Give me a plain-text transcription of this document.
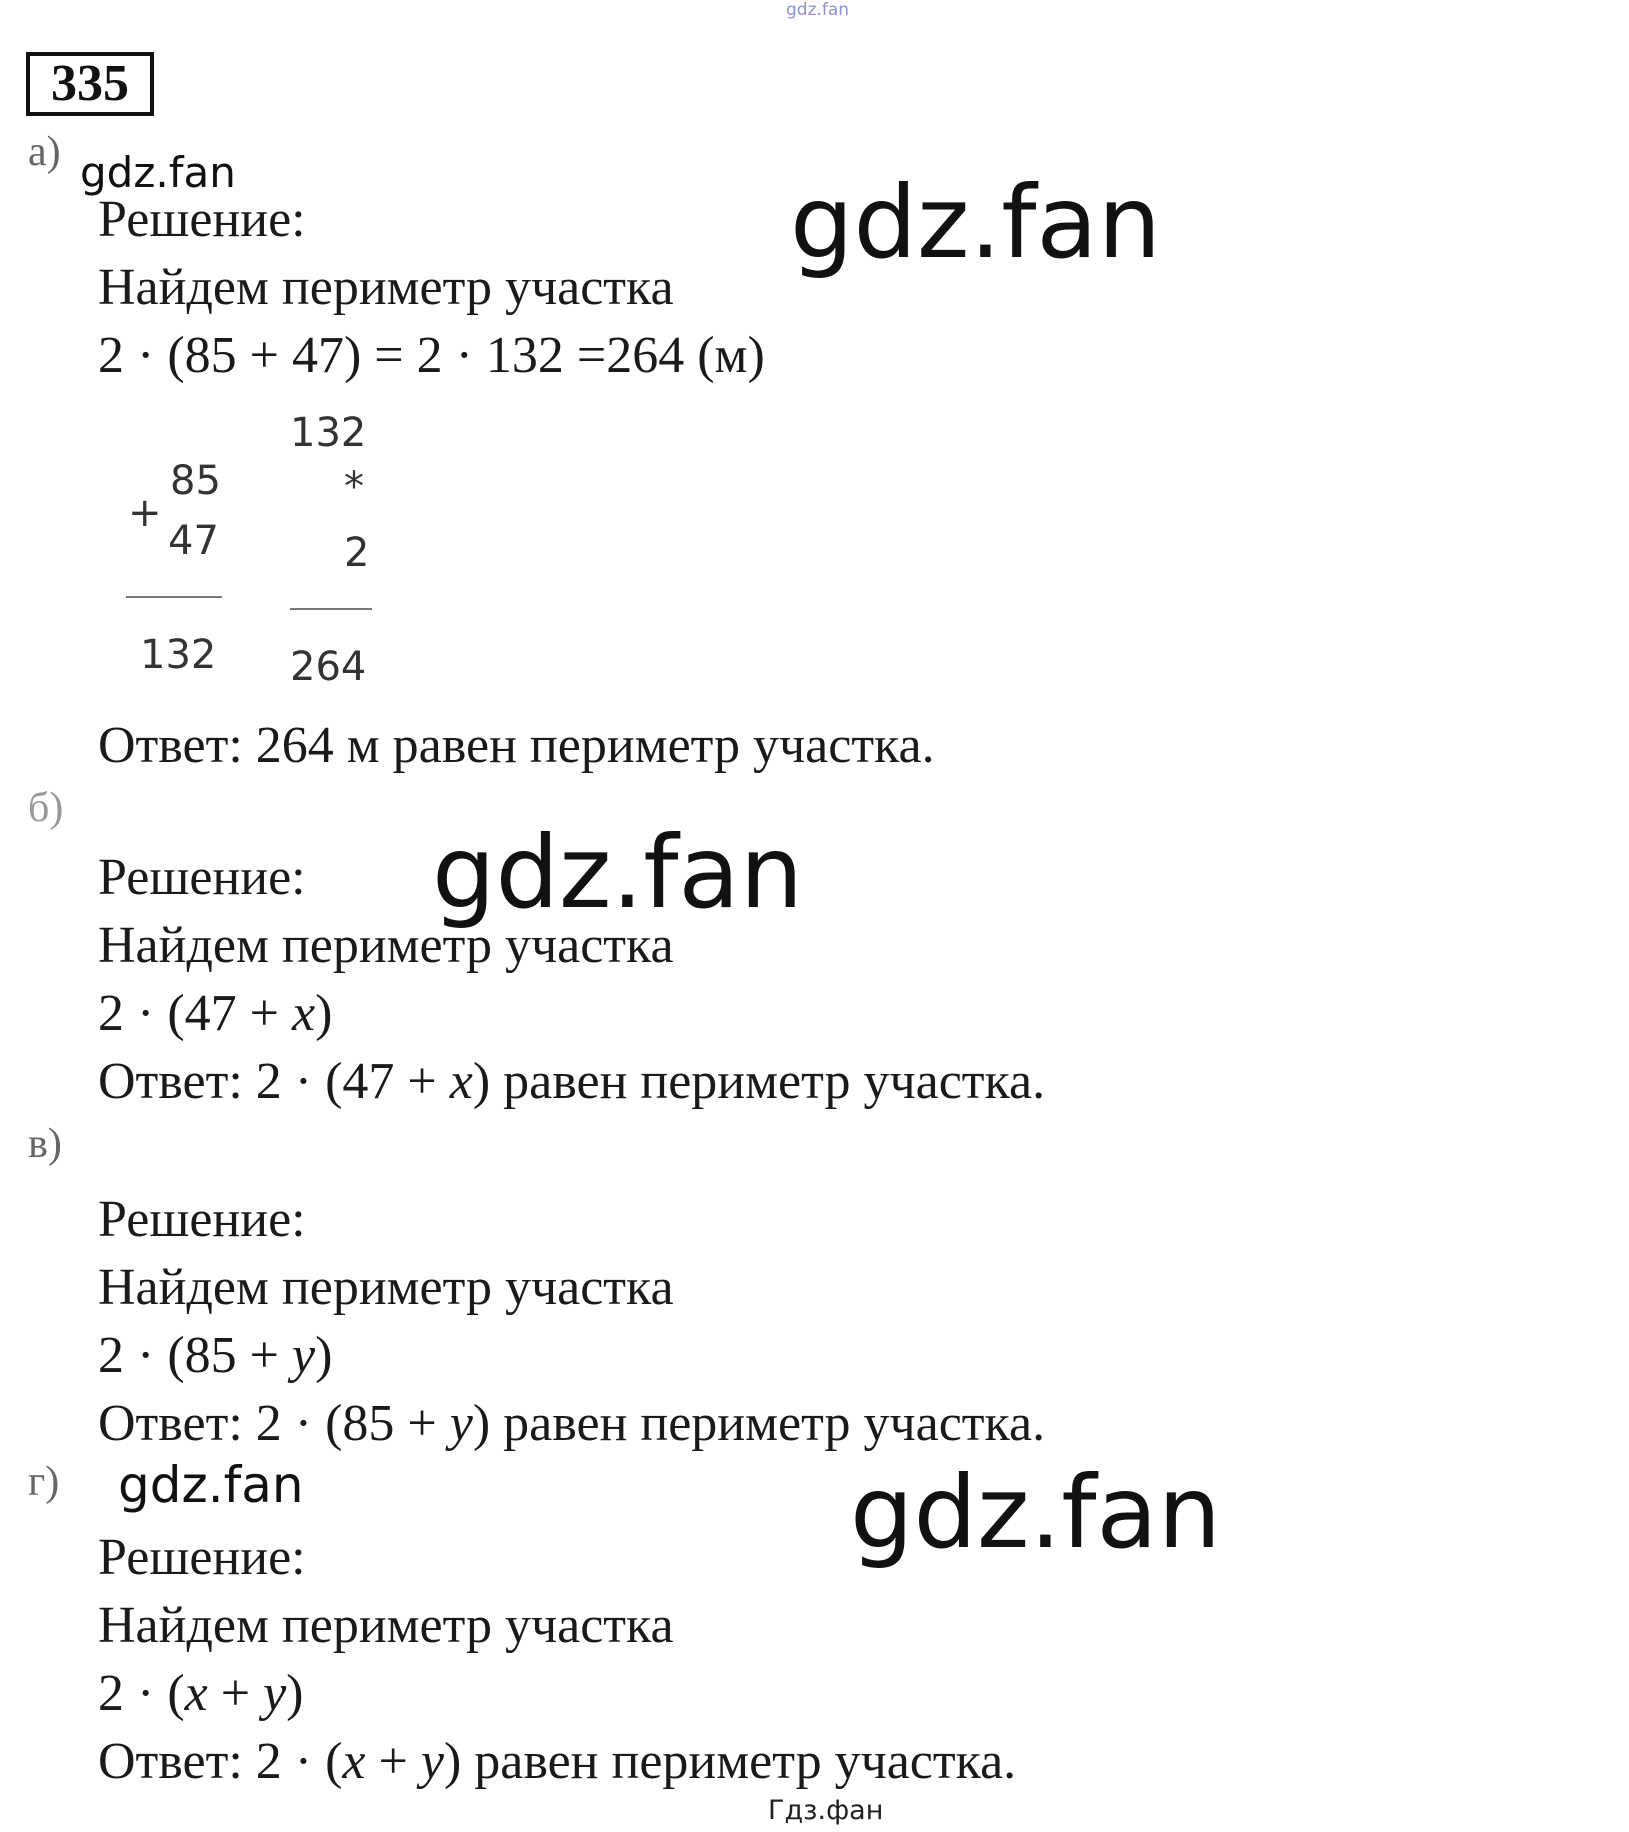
gdz.fan
335
а) gdz.fan	gdz.fan
Решение:
Найдем периметр участка
2 · (85 + 47) = 2 · 132 =264 (м)
+
85
47
132
132
*
2
264
Ответ: 264 м равен периметр участка.
б)
gdz.fan
Решение:
Найдем периметр участка
2 · (47 + x)
Ответ: 2 · (47 + x) равен периметр участка.
в)
Решение:
Найдем периметр участка
2 · (85 + y)
Ответ: 2 · (85 + y) равен периметр участка.
г) gdz.fan	gdz.fan
Решение:
Найдем периметр участка
2 · (x + y)
Ответ: 2 · (x + y) равен периметр участка.
Гдз.фан
